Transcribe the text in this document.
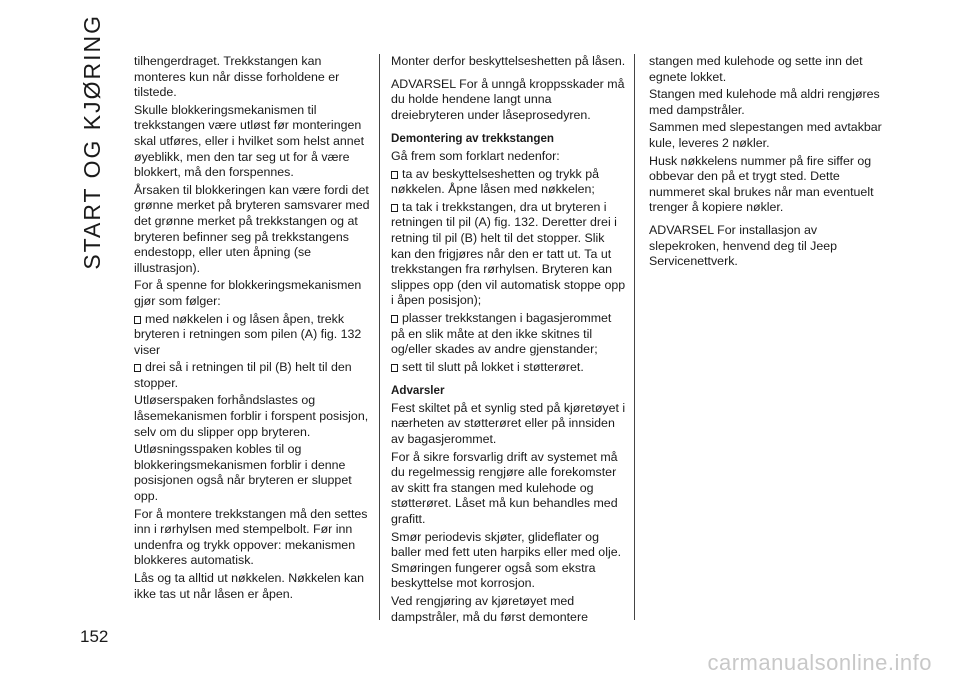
START OG KJØRING tilhengerdraget. Trekkstangen kan monteres kun når disse forholdene er tilstede.
Skulle blokkeringsmekanismen til trekkstangen være utløst før monteringen skal utføres, eller i hvilket som helst annet øyeblikk, men den tar seg ut for å være blokkert, må den forspennes.
Årsaken til blokkeringen kan være fordi det grønne merket på bryteren samsvarer med det grønne merket på trekkstangen og at bryteren befinner seg på trekkstangens endestopp, eller uten åpning (se illustrasjon).
For å spenne for blokkeringsmekanismen gjør som følger:
med nøkkelen i og låsen åpen, trekk bryteren i retningen som pilen (A) fig. 132 viser
drei så i retningen til pil (B) helt til den stopper.
Utløserspaken forhåndslastes og låsemekanismen forblir i forspent posisjon, selv om du slipper opp bryteren.
Utløsningsspaken kobles til og blokkeringsmekanismen forblir i denne posisjonen også når bryteren er sluppet opp.
For å montere trekkstangen må den settes inn i rørhylsen med stempelbolt. Før inn undenfra og trykk oppover: mekanismen blokkeres automatisk.
Lås og ta alltid ut nøkkelen. Nøkkelen kan ikke tas ut når låsen er åpen.
Monter derfor beskyttelseshetten på låsen.
ADVARSEL For å unngå kroppsskader må du holde hendene langt unna dreiebryteren under låseprosedyren.
Demontering av trekkstangen
Gå frem som forklart nedenfor:
ta av beskyttelseshetten og trykk på nøkkelen. Åpne låsen med nøkkelen;
ta tak i trekkstangen, dra ut bryteren i retningen til pil (A) fig. 132. Deretter drei i retning til pil (B) helt til det stopper. Slik kan den frigjøres når den er tatt ut. Ta ut trekkstangen fra rørhylsen. Bryteren kan slippes opp (den vil automatisk stoppe opp i åpen posisjon);
plasser trekkstangen i bagasjerommet på en slik måte at den ikke skitnes til og/eller skades av andre gjenstander;
sett til slutt på lokket i støtterøret.
Advarsler
Fest skiltet på et synlig sted på kjøretøyet i nærheten av støtterøret eller på innsiden av bagasjerommet.
For å sikre forsvarlig drift av systemet må du regelmessig rengjøre alle forekomster av skitt fra stangen med kulehode og støtterøret. Låset må kun behandles med grafitt.
Smør periodevis skjøter, glideflater og baller med fett uten harpiks eller med olje. Smøringen fungerer også som ekstra beskyttelse mot korrosjon.
Ved rengjøring av kjøretøyet med dampstråler, må du først demontere
stangen med kulehode og sette inn det egnete lokket.
Stangen med kulehode må aldri rengjøres med dampstråler.
Sammen med slepestangen med avtakbar kule, leveres 2 nøkler.
Husk nøkkelens nummer på fire siffer og obbevar den på et trygt sted. Dette nummeret skal brukes når man eventuelt trenger å kopiere nøkler.
ADVARSEL For installasjon av slepekroken, henvend deg til Jeep Servicenettverk.
152
carmanualsonline.info
